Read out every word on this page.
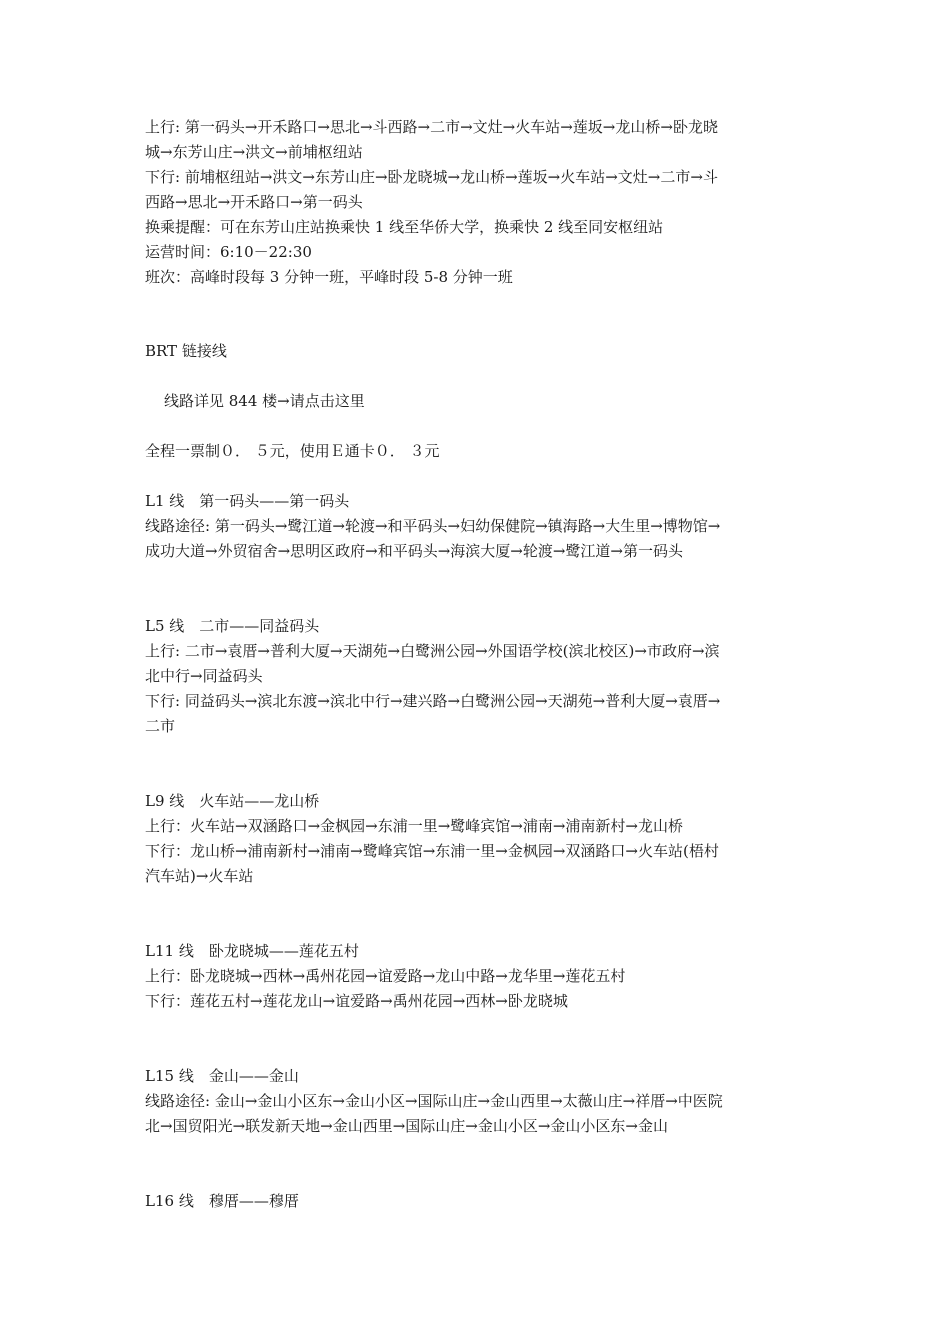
上行: 第一码头→开禾路口→思北→斗西路→二市→文灶→火车站→莲坂→龙山桥→卧龙晓
城→东芳山庄→洪文→前埔枢纽站
下行: 前埔枢纽站→洪文→东芳山庄→卧龙晓城→龙山桥→莲坂→火车站→文灶→二市→斗
西路→思北→开禾路口→第一码头
换乘提醒：可在东芳山庄站换乘快 1 线至华侨大学，换乘快 2 线至同安枢纽站
运营时间：6:10－22:30
班次：高峰时段每 3 分钟一班，平峰时段 5-8 分钟一班
BRT 链接线
线路详见 844 楼→请点击这里
全程一票制０． ５元，使用Ｅ通卡０． ３元
L1 线　第一码头——第一码头
线路途径: 第一码头→鹭江道→轮渡→和平码头→妇幼保健院→镇海路→大生里→博物馆→
成功大道→外贸宿舍→思明区政府→和平码头→海滨大厦→轮渡→鹭江道→第一码头
L5 线　二市——同益码头
上行: 二市→袁厝→普利大厦→天湖苑→白鹭洲公园→外国语学校(滨北校区)→市政府→滨
北中行→同益码头
下行: 同益码头→滨北东渡→滨北中行→建兴路→白鹭洲公园→天湖苑→普利大厦→袁厝→
二市
L9 线　火车站——龙山桥
上行：火车站→双涵路口→金枫园→东浦一里→鹭峰宾馆→浦南→浦南新村→龙山桥
下行：龙山桥→浦南新村→浦南→鹭峰宾馆→东浦一里→金枫园→双涵路口→火车站(梧村
汽车站)→火车站
L11 线　卧龙晓城——莲花五村
上行：卧龙晓城→西林→禹州花园→谊爱路→龙山中路→龙华里→莲花五村
下行：莲花五村→莲花龙山→谊爱路→禹州花园→西林→卧龙晓城
L15 线　金山——金山
线路途径: 金山→金山小区东→金山小区→国际山庄→金山西里→太薇山庄→祥厝→中医院
北→国贸阳光→联发新天地→金山西里→国际山庄→金山小区→金山小区东→金山
L16 线　穆厝——穆厝
